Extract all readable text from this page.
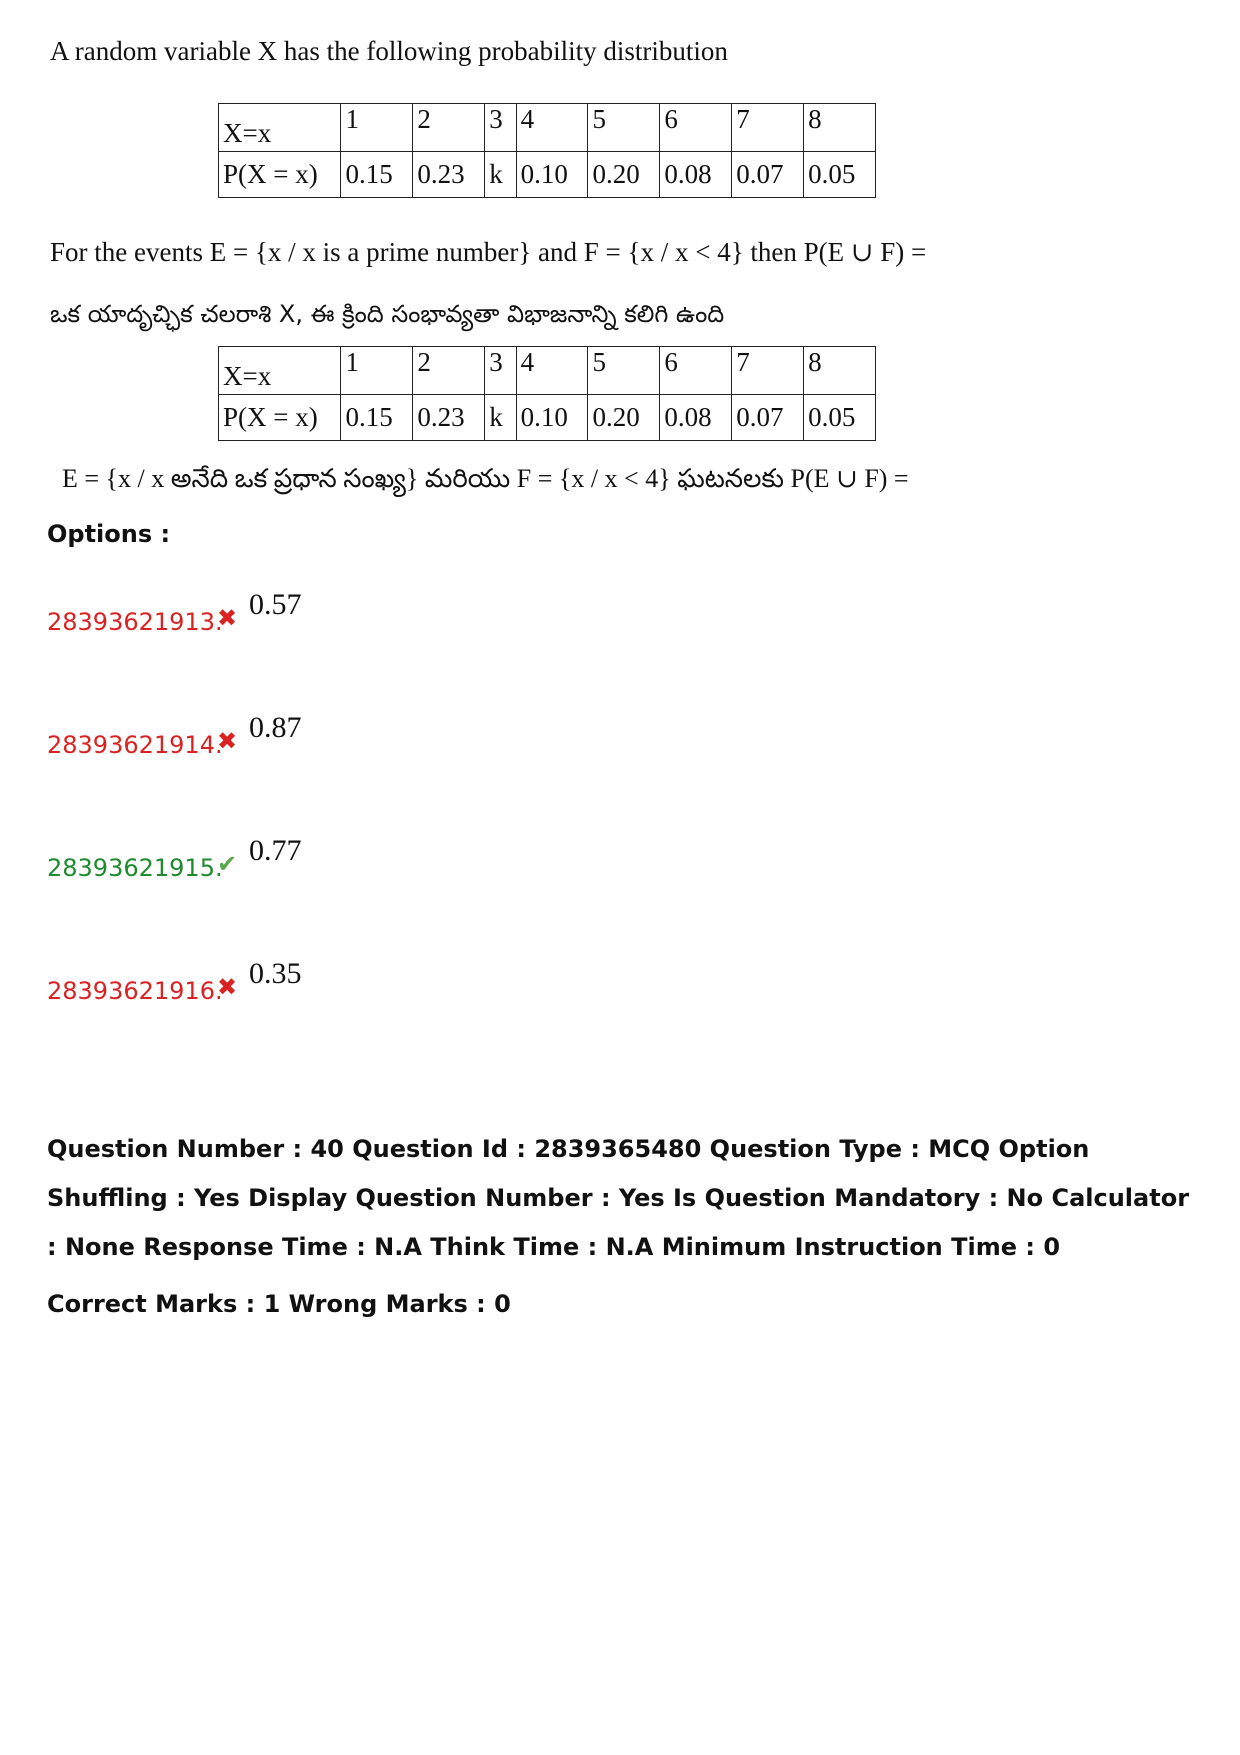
A random variable X has the following probability distribution
X=x	1	2	3	4	5	6	7	8
P(X = x)	0.15	0.23	k	0.10	0.20	0.08	0.07	0.05
For the events E = {x / x is a prime number} and F = {x / x < 4} then P(E ∪ F) =
ఒక యాదృచ్ఛిక చలరాశి X, ఈ క్రింది సంభావ్యతా విభాజనాన్ని కలిగి ఉంది
X=x	1	2	3	4	5	6	7	8
P(X = x)	0.15	0.23	k	0.10	0.20	0.08	0.07	0.05
E = {x / x అనేది ఒక ప్రధాన సంఖ్య} మరియు F = {x / x < 4} ఘటనలకు P(E ∪ F) =
Options :
28393621913.
✖ 0.57
28393621914.
✖ 0.87
28393621915.
✔ 0.77
28393621916.
✖ 0.35
Question Number : 40 Question Id : 2839365480 Question Type : MCQ Option Shuffling : Yes Display Question Number : Yes Is Question Mandatory : No Calculator : None Response Time : N.A Think Time : N.A Minimum Instruction Time : 0
Correct Marks : 1 Wrong Marks : 0
